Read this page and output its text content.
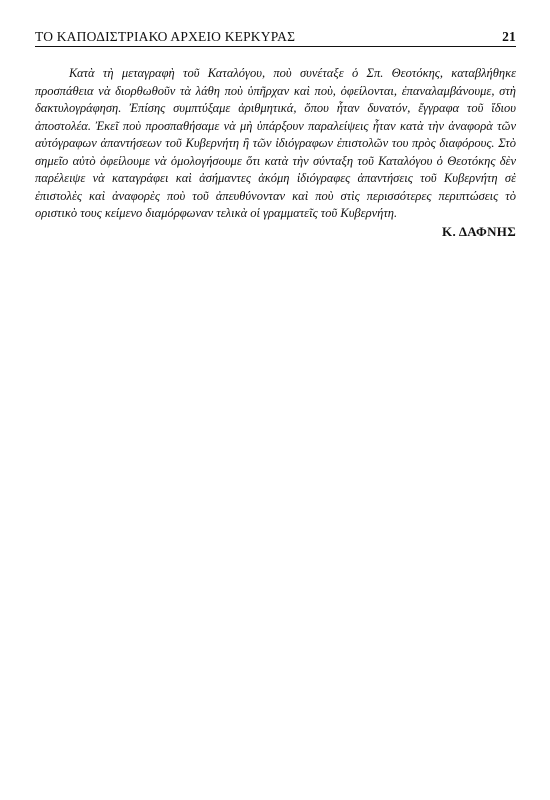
ΤΟ ΚΑΠΟΔΙΣΤΡΙΑΚΟ ΑΡΧΕΙΟ ΚΕΡΚΥΡΑΣ	21

Κατὰ τὴ μεταγραφὴ τοῦ Καταλόγου, ποὺ συνέταξε ὁ Σπ. Θεοτόκης, καταβλήθηκε προσπάθεια νὰ διορθωθοῦν τὰ λάθη ποὺ ὑπῆρχαν καὶ ποὺ, ὀφείλονται, ἐπαναλαμβάνουμε, στὴ δακτυλογράφηση. Ἐπίσης συμπτύξαμε ἀριθμητικά, ὅπου ἦταν δυνατόν, ἔγγραφα τοῦ ἴδιου ἀποστολέα. Ἐκεῖ ποὺ προσπαθήσαμε νὰ μὴ ὑπάρξουν παραλείψεις ἦταν κατὰ τὴν ἀναφορὰ τῶν αὐτόγραφων ἀπαντήσεων τοῦ Κυβερνήτη ἢ τῶν ἰδιόγραφων ἐπιστολῶν του πρὸς διαφόρους. Στὸ σημεῖο αὐτὸ ὀφείλουμε νὰ ὁμολογήσουμε ὅτι κατὰ τὴν σύνταξη τοῦ Καταλόγου ὁ Θεοτόκης δὲν παρέλειψε νὰ καταγράφει καὶ ἀσήμαντες ἀκόμη ἰδιόγραφες ἀπαντήσεις τοῦ Κυβερνήτη σὲ ἐπιστολὲς καὶ ἀναφορὲς ποὺ τοῦ ἀπευθύνονταν καὶ ποὺ στὶς περισσότερες περιπτώσεις τὸ οριστικὸ τους κείμενο διαμόρφωναν τελικὰ οἱ γραμματεῖς τοῦ Κυβερνήτη.

Κ. ΔΑΦΝΗΣ
